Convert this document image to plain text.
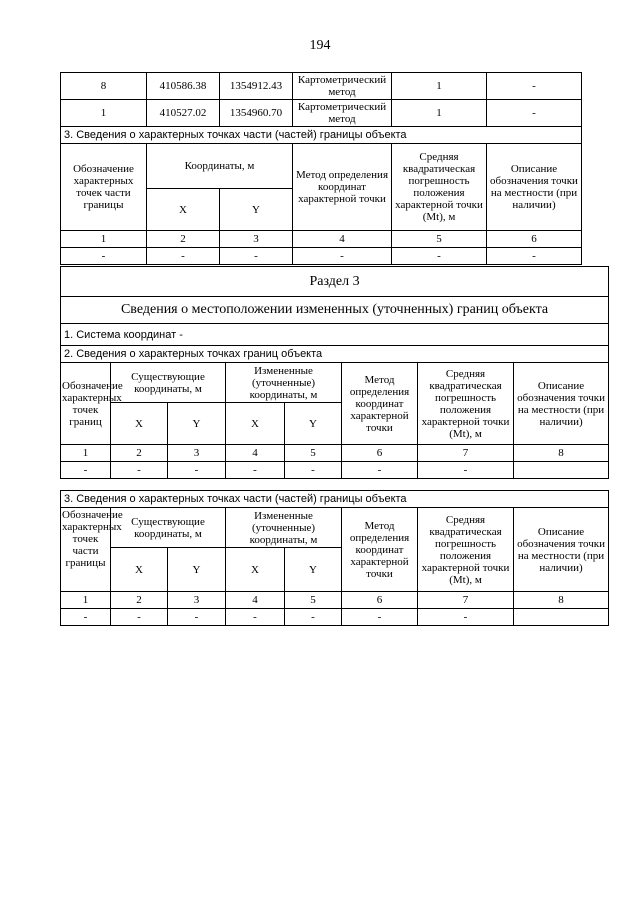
194
8	410586.38	1354912.43	Картометрический метод	1	-
1	410527.02	1354960.70	Картометрический метод	1	-
3. Сведения о характерных точках части (частей) границы объекта					
Обозначение характерных точек части границы	Координаты, м		Метод определения координат характерной точки	Средняя квадратическая погрешность положения характерной точки (Mt), м	Описание обозначения точки на местности (при наличии)
	X	Y			
1	2	3	4	5	6
-	-	-	-	-	-
Раздел 3							
Сведения о местоположении измененных (уточненных) границ объекта							
1. Система координат -							
2. Сведения о характерных точках границ объекта							
Обозначение характерных точек границ	Существующие координаты, м		Измененные (уточненные) координаты, м		Метод определения координат характерной точки	Средняя квадратическая погрешность положения характерной точки (Mt), м	Описание обозначения точки на местности (при наличии)
	X	Y	X	Y			
1	2	3	4	5	6	7	8
-	-	-	-	-	-	-	
3. Сведения о характерных точках части (частей) границы объекта							

Обозначение характерных точек части границы	Существующие координаты, м		Измененные (уточненные) координаты, м		Метод определения координат характерной точки	Средняя квадратическая погрешность положения характерной точки (Mt), м	Описание обозначения точки на местности (при наличии)
	X	Y	X	Y			
1	2	3	4	5	6	7	8
-	-	-	-	-	-	-	
